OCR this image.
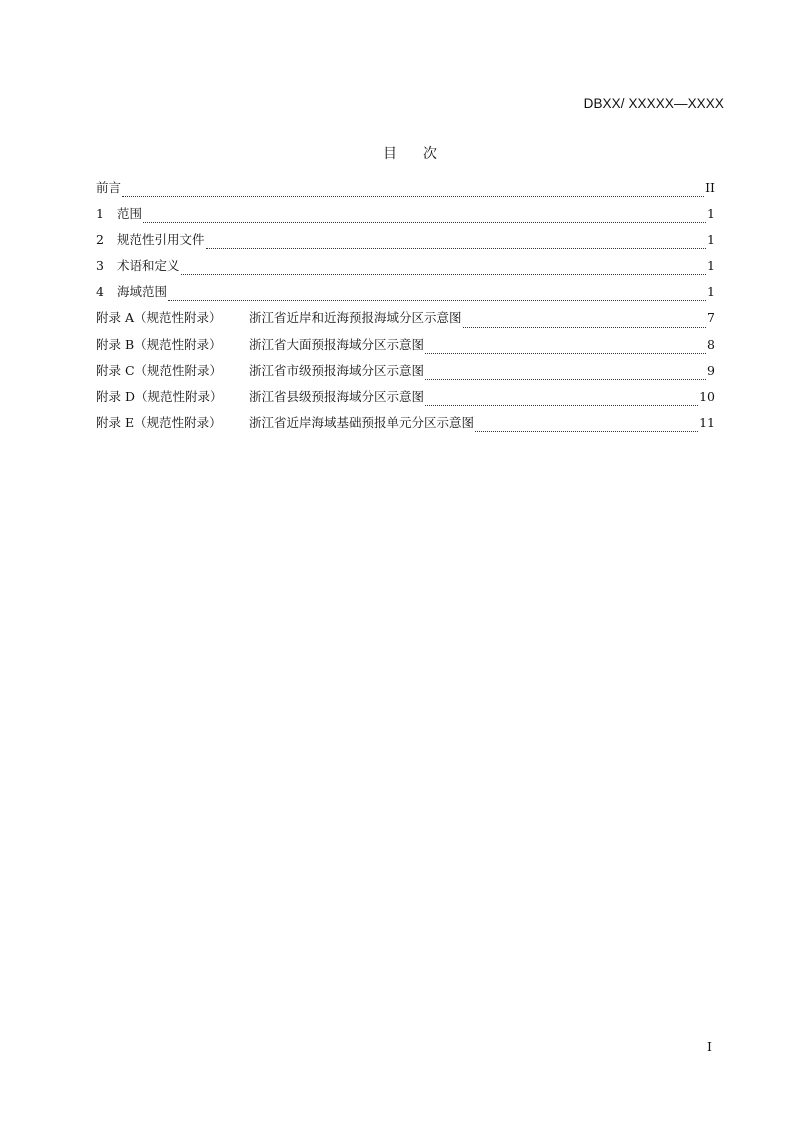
DBXX/ XXXXX—XXXX
目 次
前言	II
1	范围	1
2	规范性引用文件	1
3	术语和定义	1
4	海域范围	1
附录 A（规范性附录）	浙江省近岸和近海预报海域分区示意图	7
附录 B（规范性附录）	浙江省大面预报海域分区示意图	8
附录 C（规范性附录）	浙江省市级预报海域分区示意图	9
附录 D（规范性附录）	浙江省县级预报海域分区示意图	10
附录 E（规范性附录）	浙江省近岸海域基础预报单元分区示意图	11
I
